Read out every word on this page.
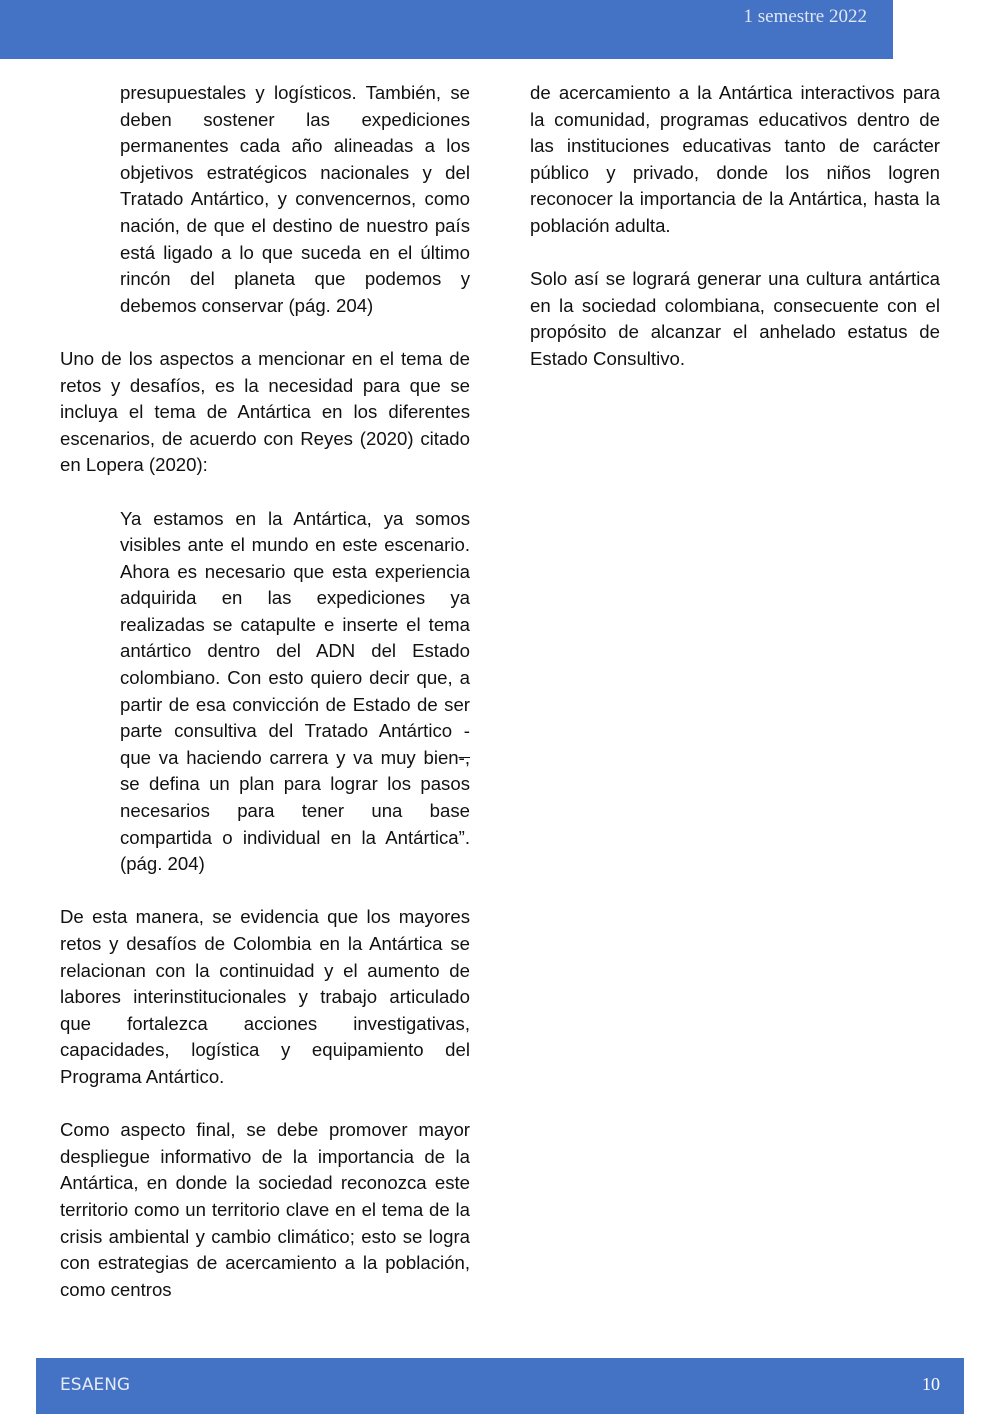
1 semestre 2022

presupuestales y logísticos. También, se deben sostener las expediciones permanentes cada año alineadas a los objetivos estratégicos nacionales y del Tratado Antártico, y convencernos, como nación, de que el destino de nuestro país está ligado a lo que suceda en el último rincón del planeta que podemos y debemos conservar (pág. 204)

Uno de los aspectos a mencionar en el tema de retos y desafíos, es la necesidad para que se incluya el tema de Antártica en los diferentes escenarios, de acuerdo con Reyes (2020) citado en Lopera (2020):

Ya estamos en la Antártica, ya somos visibles ante el mundo en este escenario. Ahora es necesario que esta experiencia adquirida en las expediciones ya realizadas se catapulte e inserte el tema antártico dentro del ADN del Estado colombiano. Con esto quiero decir que, a partir de esa convicción de Estado de ser parte consultiva del Tratado Antártico - que va haciendo carrera y va muy bien-, se defina un plan para lograr los pasos necesarios para tener una base compartida o individual en la Antártica”. (pág. 204)

De esta manera, se evidencia que los mayores retos y desafíos de Colombia en la Antártica se relacionan con la continuidad y el aumento de labores interinstitucionales y trabajo articulado que fortalezca acciones investigativas, capacidades, logística y equipamiento del Programa Antártico.

Como aspecto final, se debe promover mayor despliegue informativo de la importancia de la Antártica, en donde la sociedad reconozca este territorio como un territorio clave en el tema de la crisis ambiental y cambio climático; esto se logra con estrategias de acercamiento a la población, como centros

de acercamiento a la Antártica interactivos para la comunidad, programas educativos dentro de las instituciones educativas tanto de carácter público y privado, donde los niños logren reconocer la importancia de la Antártica, hasta la población adulta.

Solo así se logrará generar una cultura antártica en la sociedad colombiana, consecuente con el propósito de alcanzar el anhelado estatus de Estado Consultivo.

ESAENG	10
